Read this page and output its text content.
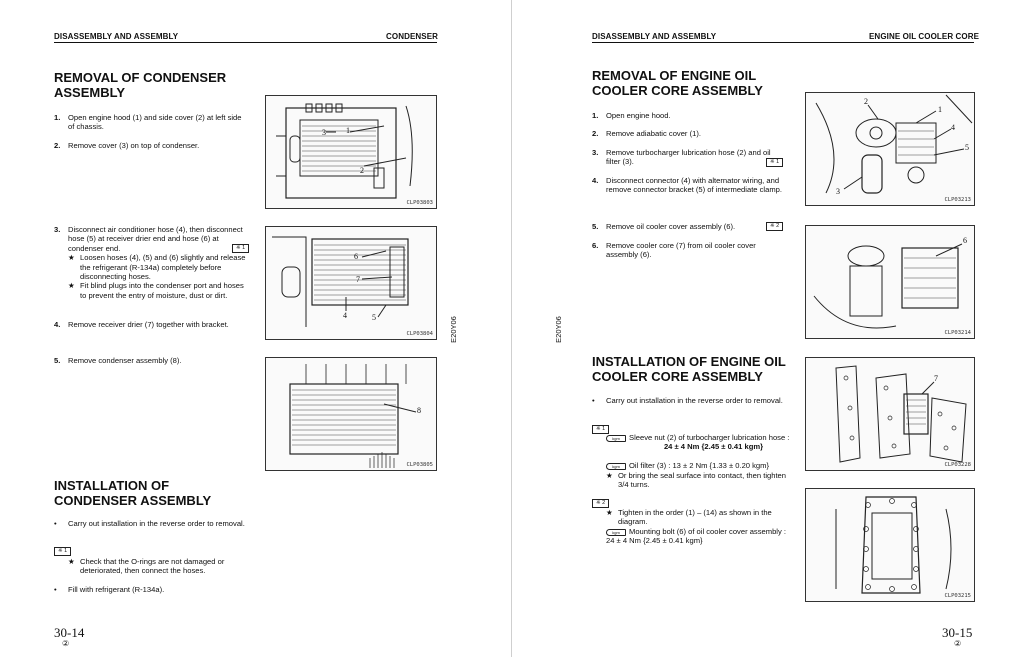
DISASSEMBLY AND ASSEMBLY	CONDENSER
REMOVAL OF CONDENSER
ASSEMBLY
1. Open engine hood (1) and side cover (2) at left side of chassis.
2. Remove cover (3) on top of condenser.
3. Disconnect air conditioner hose (4), then disconnect hose (5) at receiver drier end and hose (6) at condenser end.
★ Loosen hoses (4), (5) and (6) slightly and release the refrigerant (R-134a) completely before disconnecting hoses.
★ Fit blind plugs into the condenser port and hoses to prevent the entry of moisture, dust or dirt.
※ 1
4. Remove receiver drier (7) together with bracket.
5. Remove condenser assembly (8).
2
1
3
CLP03803
6
7
4	5
CLP03804
8
CLP03805
INSTALLATION OF
CONDENSER ASSEMBLY
• Carry out installation in the reverse order to removal.
※ 1
★ Check that the O-rings are not damaged or deteriorated, then connect the hoses.
• Fill with refrigerant (R-134a).
30-14
②
E20Y06
DISASSEMBLY AND ASSEMBLY	ENGINE OIL COOLER CORE
REMOVAL OF ENGINE OIL
COOLER CORE ASSEMBLY
1. Open engine hood.
2. Remove adiabatic cover (1).
3. Remove turbocharger lubrication hose (2) and oil filter (3).	※ 1
4. Disconnect connector (4) with alternator wiring, and remove connector bracket (5) of intermediate clamp.
5. Remove oil cooler cover assembly (6).	※ 2
6. Remove cooler core (7) from oil cooler cover assembly (6).
2
1
4
5
3
CLP03213
6
CLP03214
INSTALLATION OF ENGINE OIL
COOLER CORE ASSEMBLY
• Carry out installation in the reverse order to removal.
※ 1
kgm Sleeve nut (2) of turbocharger lubrication hose :
24 ± 4 Nm {2.45 ± 0.41 kgm}
kgm Oil filter (3) : 13 ± 2 Nm {1.33 ± 0.20 kgm}
★ Or bring the seal surface into contact, then tighten 3/4 turns.
※ 2
★ Tighten in the order (1) – (14) as shown in the diagram.
kgm Mounting bolt (6) of oil cooler cover assembly : 24 ± 4 Nm {2.45 ± 0.41 kgm}
7
CLP03228
CLP03215
30-15
②
E20Y06
